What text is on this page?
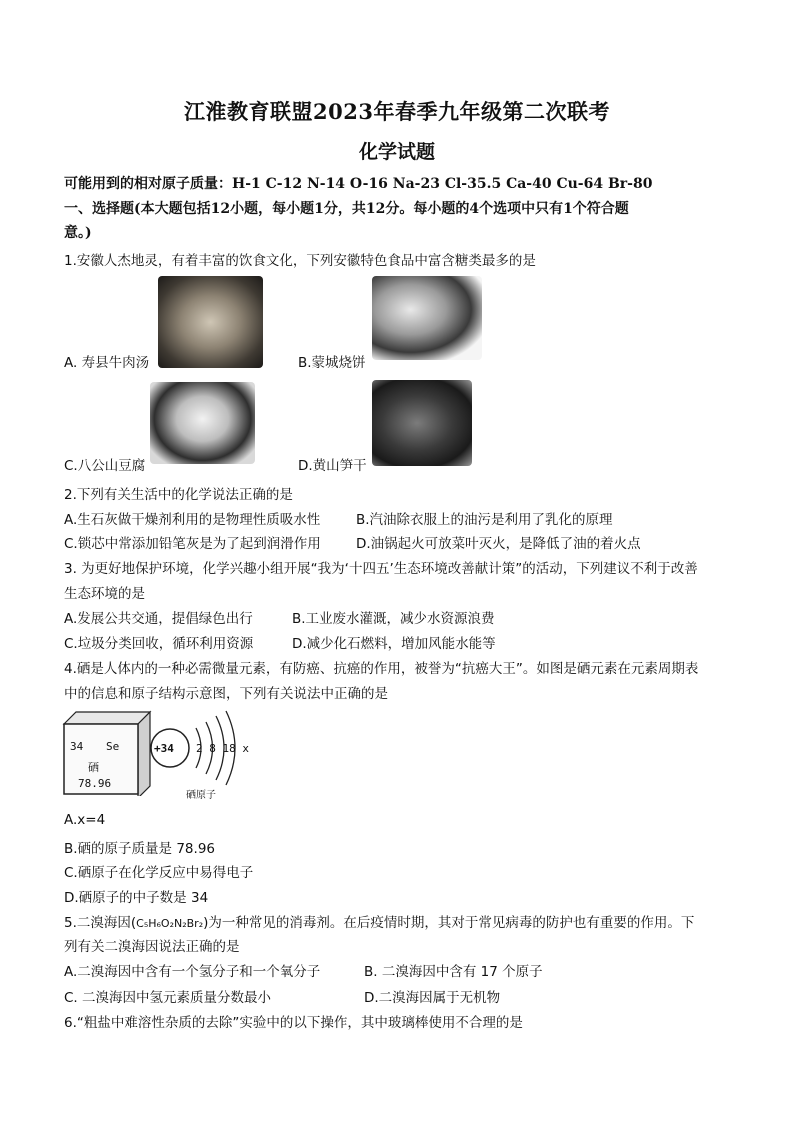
江淮教育联盟2023年春季九年级第二次联考
化学试题
可能用到的相对原子质量：H-1 C-12 N-14 O-16 Na-23 Cl-35.5 Ca-40 Cu-64 Br-80
一、选择题(本大题包括12小题，每小题1分，共12分。每小题的4个选项中只有1个符合题
意。)
1.安徽人杰地灵，有着丰富的饮食文化，下列安徽特色食品中富含糖类最多的是
A. 寿县牛肉汤	B.蒙城烧饼
C.八公山豆腐	D.黄山笋干
2.下列有关生活中的化学说法正确的是
A.生石灰做干燥剂利用的是物理性质吸水性	B.汽油除衣服上的油污是利用了乳化的原理
C.锁芯中常添加铅笔灰是为了起到润滑作用	D.油锅起火可放菜叶灭火，是降低了油的着火点
3. 为更好地保护环境，化学兴趣小组开展“我为‘十四五’生态环境改善献计策”的活动，下列建议不利于改善
生态环境的是
A.发展公共交通，提倡绿色出行	B.工业废水灌溉，减少水资源浪费
C.垃圾分类回收，循环利用资源	D.减少化石燃料，增加风能水能等
4.硒是人体内的一种必需微量元素，有防癌、抗癌的作用，被誉为“抗癌大王”。如图是硒元素在元素周期表
中的信息和原子结构示意图，下列有关说法中正确的是
34 Se
硒
78.96
+34 2 8 18 x
硒原子
A.x=4
B.硒的原子质量是 78.96
C.硒原子在化学反应中易得电子
D.硒原子的中子数是 34
5.二溴海因(C₅H₆O₂N₂Br₂)为一种常见的消毒剂。在后疫情时期，其对于常见病毒的防护也有重要的作用。下
列有关二溴海因说法正确的是
A.二溴海因中含有一个氢分子和一个氧分子	B. 二溴海因中含有 17 个原子
C. 二溴海因中氢元素质量分数最小	D.二溴海因属于无机物
6.“粗盐中难溶性杂质的去除”实验中的以下操作，其中玻璃棒使用不合理的是
